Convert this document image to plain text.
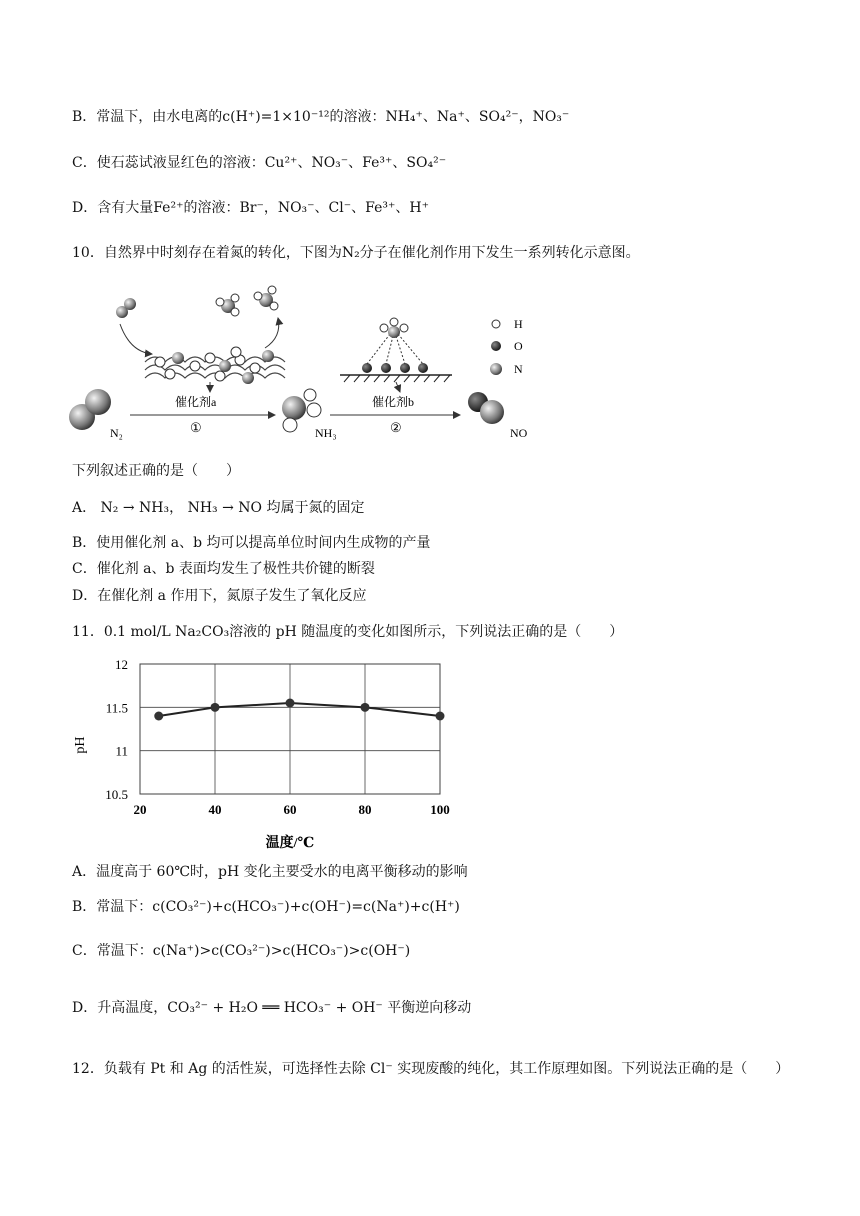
B．常温下，由水电离的c(H⁺)=1×10⁻¹²的溶液：NH₄⁺、Na⁺、SO₄²⁻，NO₃⁻
C．使石蕊试液显红色的溶液：Cu²⁺、NO₃⁻、Fe³⁺、SO₄²⁻
D．含有大量Fe²⁺的溶液：Br⁻，NO₃⁻、Cl⁻、Fe³⁺、H⁺
10．自然界中时刻存在着氮的转化，下图为N₂分子在催化剂作用下发生一系列转化示意图。
N₂
催化剂a
①	NH₃
催化剂b
②	NO
H
O
N
下列叙述正确的是（　　）
A． N₂ → NH₃， NH₃ → NO 均属于氮的固定
B．使用催化剂 a、b 均可以提高单位时间内生成物的产量
C．催化剂 a、b 表面均发生了极性共价键的断裂
D．在催化剂 a 作用下，氮原子发生了氧化反应
11．0.1 mol/L Na₂CO₃溶液的 pH 随温度的变化如图所示，下列说法正确的是（　　）
10.5
11
11.5
12
20	40	60	80	100
pH
温度/℃
A．温度高于 60℃时，pH 变化主要受水的电离平衡移动的影响
B．常温下：c(CO₃²⁻)+c(HCO₃⁻)+c(OH⁻)=c(Na⁺)+c(H⁺)
C．常温下：c(Na⁺)>c(CO₃²⁻)>c(HCO₃⁻)>c(OH⁻)
D．升高温度，CO₃²⁻ + H₂O ══ HCO₃⁻ + OH⁻ 平衡逆向移动
12．负载有 Pt 和 Ag 的活性炭，可选择性去除 Cl⁻ 实现废酸的纯化，其工作原理如图。下列说法正确的是（　　）
